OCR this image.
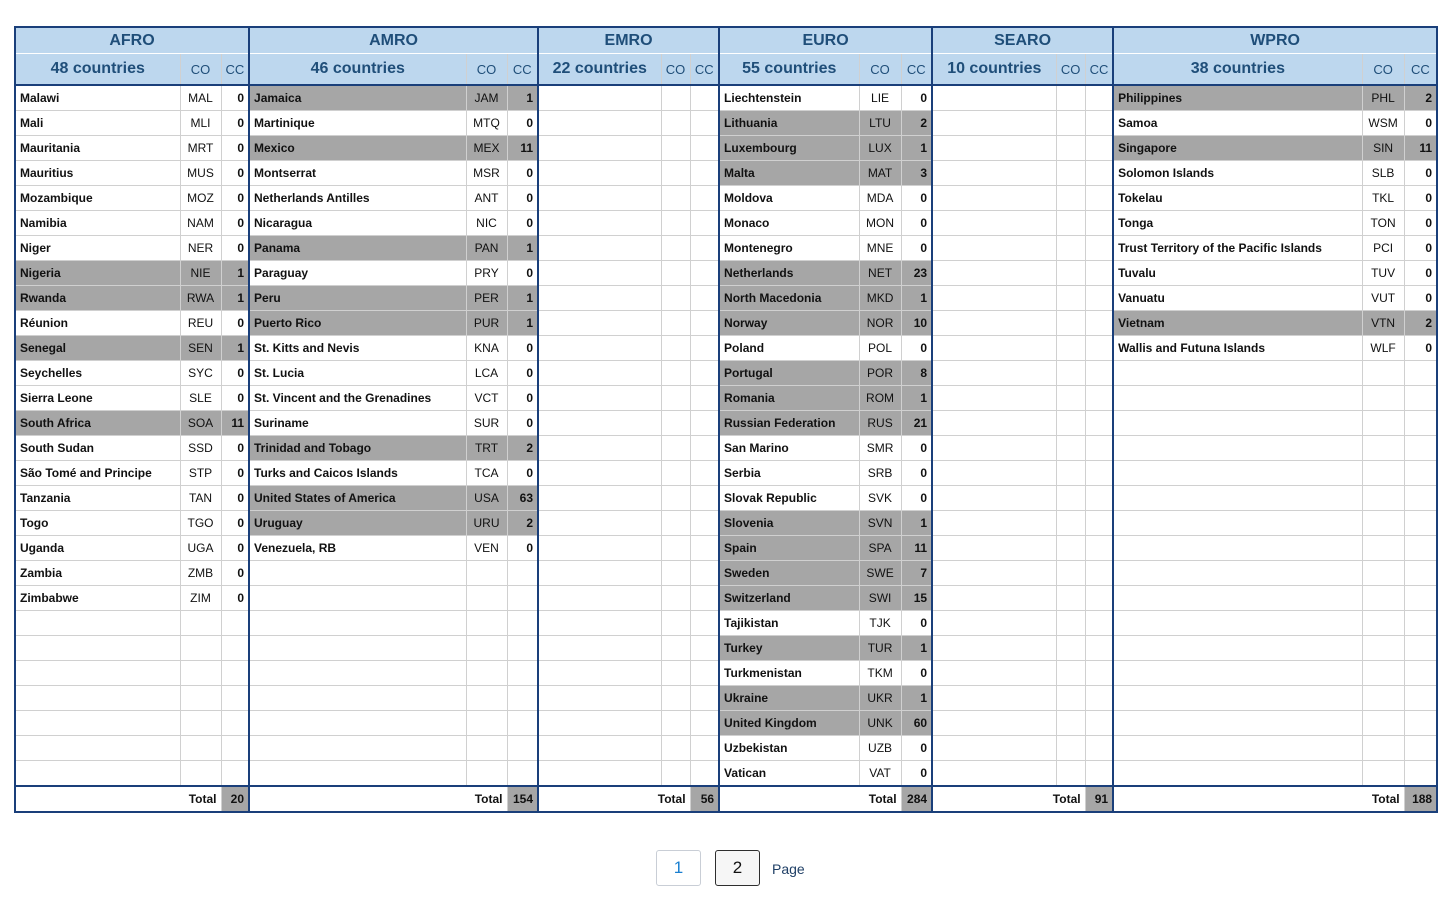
AFRO			AMRO			EMRO			EURO			SEARO			WPRO		
48 countries	CO	CC	46 countries	CO	CC	22 countries	CO	CC	55 countries	CO	CC	10 countries	CO	CC	38 countries	CO	CC
Malawi	MAL	0	Jamaica	JAM	1				Liechtenstein	LIE	0				Philippines	PHL	2
Mali	MLI	0	Martinique	MTQ	0				Lithuania	LTU	2				Samoa	WSM	0
Mauritania	MRT	0	Mexico	MEX	11				Luxembourg	LUX	1				Singapore	SIN	11
Mauritius	MUS	0	Montserrat	MSR	0				Malta	MAT	3				Solomon Islands	SLB	0
Mozambique	MOZ	0	Netherlands Antilles	ANT	0				Moldova	MDA	0				Tokelau	TKL	0
Namibia	NAM	0	Nicaragua	NIC	0				Monaco	MON	0				Tonga	TON	0
Niger	NER	0	Panama	PAN	1				Montenegro	MNE	0				Trust Territory of the Pacific Islands	PCI	0
Nigeria	NIE	1	Paraguay	PRY	0				Netherlands	NET	23				Tuvalu	TUV	0
Rwanda	RWA	1	Peru	PER	1				North Macedonia	MKD	1				Vanuatu	VUT	0
Réunion	REU	0	Puerto Rico	PUR	1				Norway	NOR	10				Vietnam	VTN	2
Senegal	SEN	1	St. Kitts and Nevis	KNA	0				Poland	POL	0				Wallis and Futuna Islands	WLF	0
Seychelles	SYC	0	St. Lucia	LCA	0				Portugal	POR	8						
Sierra Leone	SLE	0	St. Vincent and the Grenadines	VCT	0				Romania	ROM	1						
South Africa	SOA	11	Suriname	SUR	0				Russian Federation	RUS	21						
South Sudan	SSD	0	Trinidad and Tobago	TRT	2				San Marino	SMR	0						
São Tomé and Principe	STP	0	Turks and Caicos Islands	TCA	0				Serbia	SRB	0						
Tanzania	TAN	0	United States of America	USA	63				Slovak Republic	SVK	0						
Togo	TGO	0	Uruguay	URU	2				Slovenia	SVN	1						
Uganda	UGA	0	Venezuela, RB	VEN	0				Spain	SPA	11						
Zambia	ZMB	0							Sweden	SWE	7						
Zimbabwe	ZIM	0							Switzerland	SWI	15						
									Tajikistan	TJK	0						
									Turkey	TUR	1						
									Turkmenistan	TKM	0						
									Ukraine	UKR	1						
									United Kingdom	UNK	60						
									Uzbekistan	UZB	0						
									Vatican	VAT	0						
Total		20	Total		154	Total		56	Total		284	Total		91	Total		188
1	2	Page
